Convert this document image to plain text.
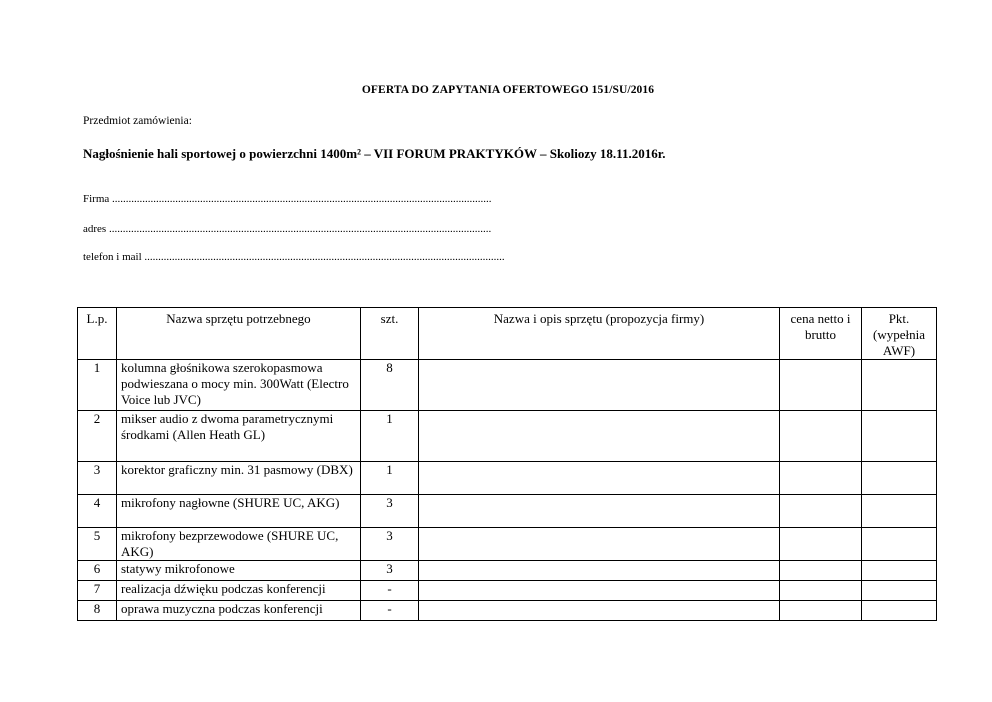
OFERTA DO ZAPYTANIA OFERTOWEGO 151/SU/2016
Przedmiot zamówienia:
Nagłośnienie hali sportowej o powierzchni 1400m² – VII FORUM PRAKTYKÓW – Skoliozy 18.11.2016r.
Firma ..........................................................................................................................................
adres ...........................................................................................................................................
telefon i mail ...................................................................................................................................
L.p.	Nazwa sprzętu potrzebnego	szt.	Nazwa i opis sprzętu (propozycja firmy)	cena netto i brutto	Pkt. (wypełnia AWF)
1	kolumna głośnikowa szerokopasmowa podwieszana o mocy min. 300Watt (Electro Voice lub JVC)	8			
2	mikser audio z dwoma parametrycznymi środkami (Allen Heath GL)	1			
3	korektor graficzny min. 31 pasmowy (DBX)	1			
4	mikrofony nagłowne (SHURE UC, AKG)	3			
5	mikrofony bezprzewodowe (SHURE UC, AKG)	3			
6	statywy mikrofonowe	3			
7	realizacja dźwięku podczas konferencji	-			
8	oprawa muzyczna podczas konferencji	-			
